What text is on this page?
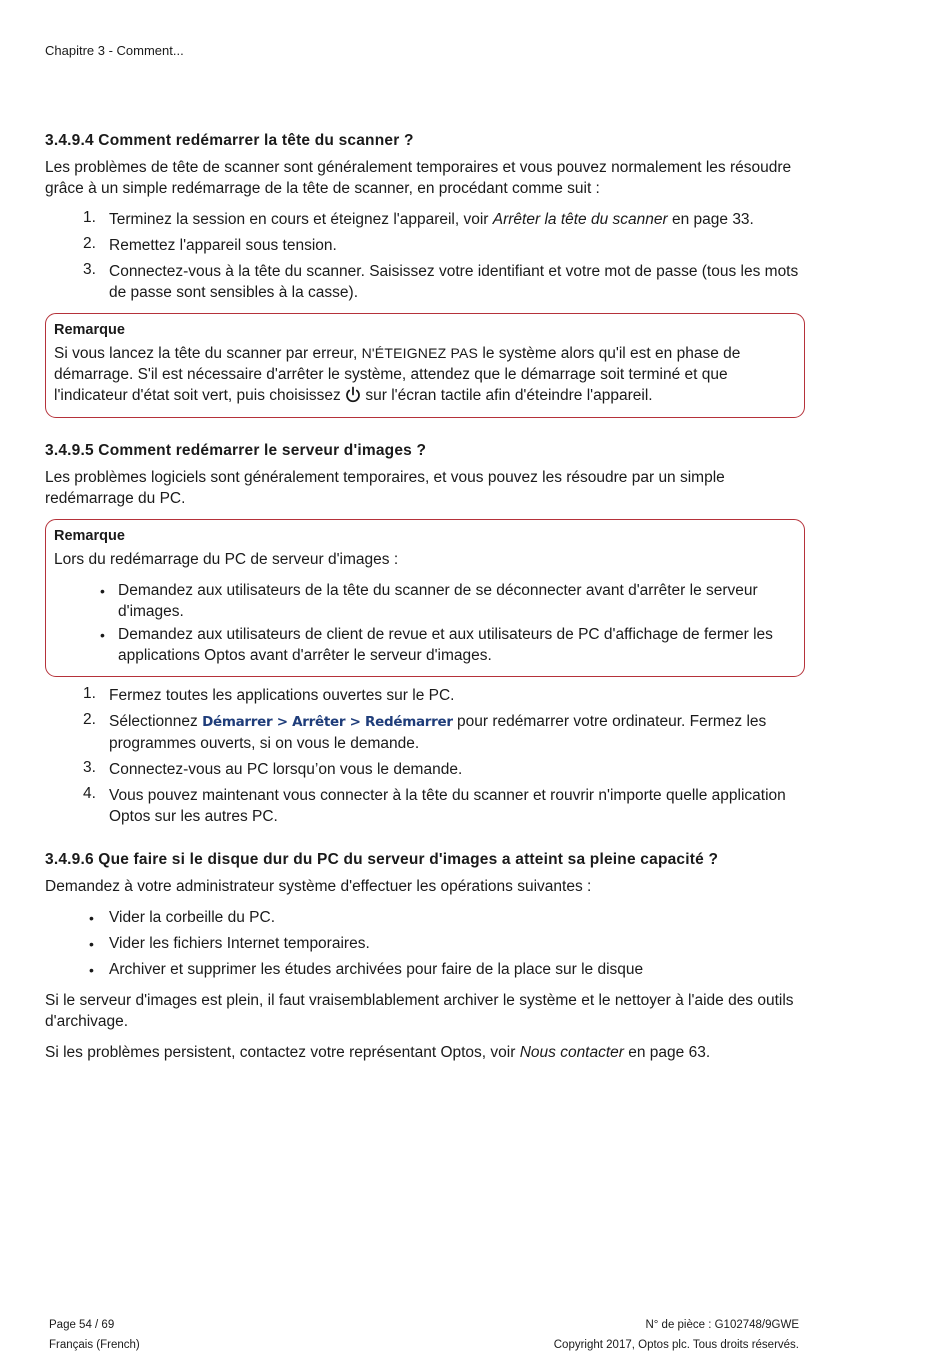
Chapitre 3 - Comment...
3.4.9.4 Comment redémarrer la tête du scanner ?

Les problèmes de tête de scanner sont généralement temporaires et vous pouvez normalement les résoudre grâce à un simple redémarrage de la tête de scanner, en procédant comme suit :

1. Terminez la session en cours et éteignez l'appareil, voir Arrêter la tête du scanner en page 33.
2. Remettez l'appareil sous tension.
3. Connectez-vous à la tête du scanner. Saisissez votre identifiant et votre mot de passe (tous les mots de passe sont sensibles à la casse).
Remarque
Si vous lancez la tête du scanner par erreur, N'ÉTEIGNEZ PAS le système alors qu'il est en phase de démarrage. S'il est nécessaire d'arrêter le système, attendez que le démarrage soit terminé et que l'indicateur d'état soit vert, puis choisissez  sur l'écran tactile afin d'éteindre l'appareil.
3.4.9.5 Comment redémarrer le serveur d'images ?

Les problèmes logiciels sont généralement temporaires, et vous pouvez les résoudre par un simple redémarrage du PC.

Remarque
Lors du redémarrage du PC de serveur d'images :
• Demandez aux utilisateurs de la tête du scanner de se déconnecter avant d'arrêter le serveur d'images.
• Demandez aux utilisateurs de client de revue et aux utilisateurs de PC d'affichage de fermer les applications Optos avant d'arrêter le serveur d'images.
1. Fermez toutes les applications ouvertes sur le PC.
2. Sélectionnez Démarrer > Arrêter > Redémarrer pour redémarrer votre ordinateur. Fermez les programmes ouverts, si on vous le demande.
3. Connectez-vous au PC lorsqu’on vous le demande.
4. Vous pouvez maintenant vous connecter à la tête du scanner et rouvrir n'importe quelle application Optos sur les autres PC.
3.4.9.6 Que faire si le disque dur du PC du serveur d'images a atteint sa pleine capacité ?

Demandez à votre administrateur système d'effectuer les opérations suivantes :

• Vider la corbeille du PC.
• Vider les fichiers Internet temporaires.
• Archiver et supprimer les études archivées pour faire de la place sur le disque

Si le serveur d'images est plein, il faut vraisemblablement archiver le système et le nettoyer à l'aide des outils d'archivage.

Si les problèmes persistent, contactez votre représentant Optos, voir Nous contacter en page 63.

Page 54 / 69
Français (French)
N° de pièce : G102748/9GWE
Copyright 2017, Optos plc. Tous droits réservés.
